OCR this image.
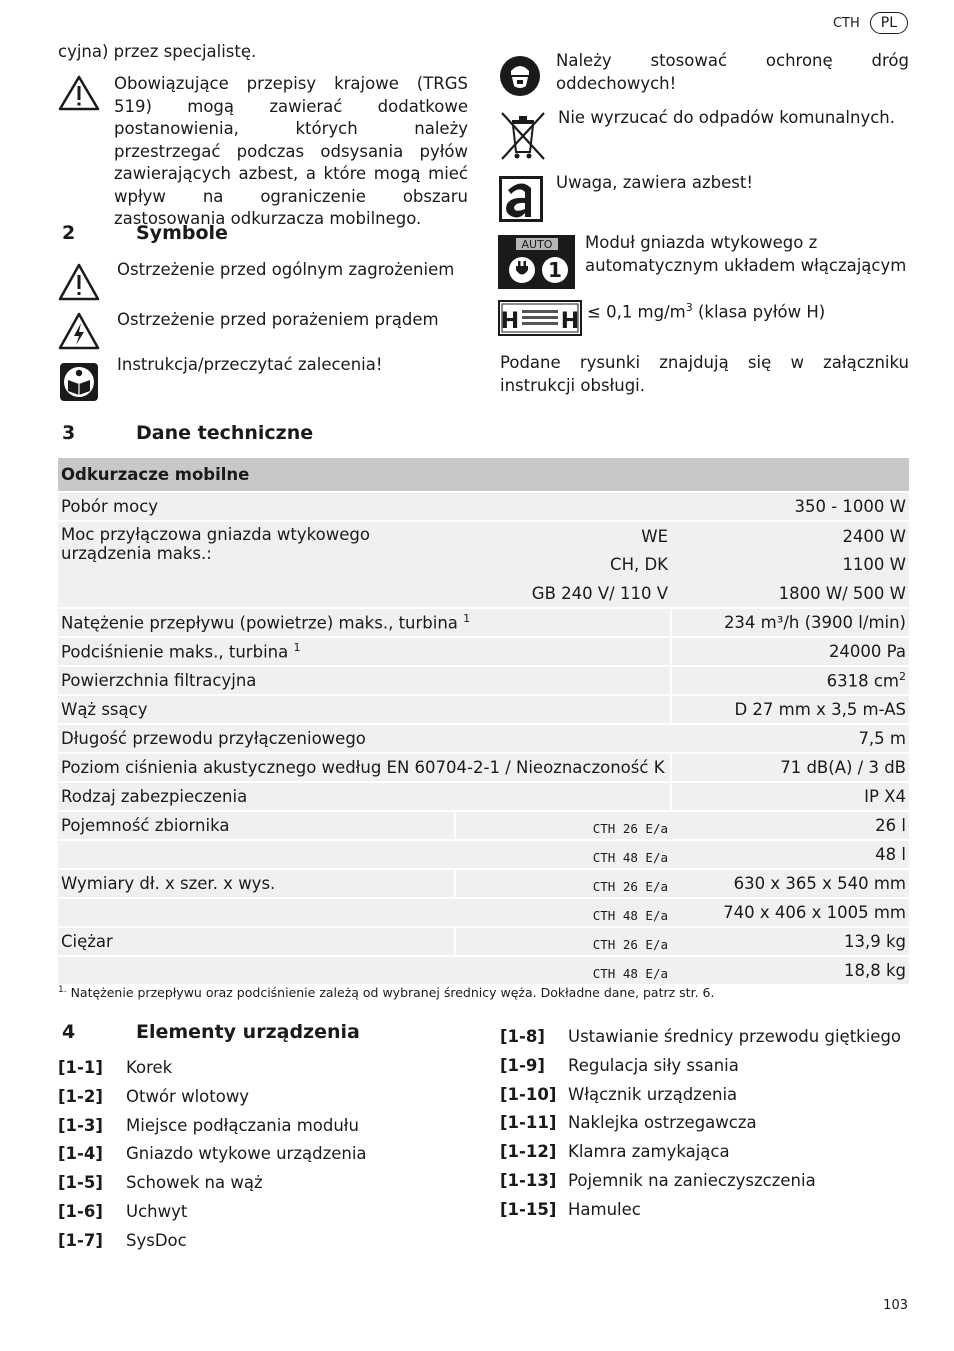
CTH	PL
cyjna) przez specjalistę.
Obowiązujące przepisy krajowe (TRGS 519) mogą zawierać dodatkowe postanowienia, których należy przestrzegać podczas odsysania pyłów zawierających azbest, a które mogą mieć wpływ na ograniczenie obszaru zastosowania odkurzacza mobilnego.
2	Symbole
Ostrzeżenie przed ogólnym zagrożeniem
Ostrzeżenie przed porażeniem prądem
Instrukcja/przeczytać zalecenia!
Należy stosować ochronę dróg oddechowych!
Nie wyrzucać do odpadów komunalnych.
Uwaga, zawiera azbest!
AUTO
1
Moduł gniazda wtykowego z automatycznym układem włączającym
H H ≤ 0,1 $mg/m^3$ (klasa pyłów H)
Podane rysunki znajdują się w załączniku instrukcji obsługi.
3	Dane techniczne
Odkurzacze mobilne		
Pobór mocy		350 - 1000 W
Moc przyłączowa gniazda wtykowego urządzenia maks.:	WE	2400 W
	CH, DK	1100 W
	GB 240 V/ 110 V	1800 W/ 500 W
Natężenie przepływu (powietrze) maks., turbina $^1$		234 m³/h (3900 l/min)
Podciśnienie maks., turbina $^1$		24000 Pa
Powierzchnia filtracyjna		6318 $cm^2$
Wąż ssący		D 27 mm x 3,5 m-AS
Długość przewodu przyłączeniowego		7,5 m
Poziom ciśnienia akustycznego według EN 60704-2-1 / Nieoznaczoność K		71 dB(A) / 3 dB
Rodzaj zabezpieczenia		IP X4
Pojemność zbiornika	CTH 26 E/a	26 l
	CTH 48 E/a	48 l
Wymiary dł. x szer. x wys.	CTH 26 E/a	630 x 365 x 540 mm
	CTH 48 E/a	740 x 406 x 1005 mm
Ciężar	CTH 26 E/a	13,9 kg
	CTH 48 E/a	18,8 kg
$^{1.}$ Natężenie przepływu oraz podciśnienie zależą od wybranej średnicy węża. Dokładne dane, patrz str. 6.
4	Elementy urządzenia
[1-1] Korek
[1-2] Otwór wlotowy
[1-3] Miejsce podłączania modułu
[1-4] Gniazdo wtykowe urządzenia
[1-5] Schowek na wąż
[1-6] Uchwyt
[1-7] SysDoc
[1-8] Ustawianie średnicy przewodu giętkiego
[1-9] Regulacja siły ssania
[1-10] Włącznik urządzenia
[1-11] Naklejka ostrzegawcza
[1-12] Klamra zamykająca
[1-13] Pojemnik na zanieczyszczenia
[1-15] Hamulec
103
